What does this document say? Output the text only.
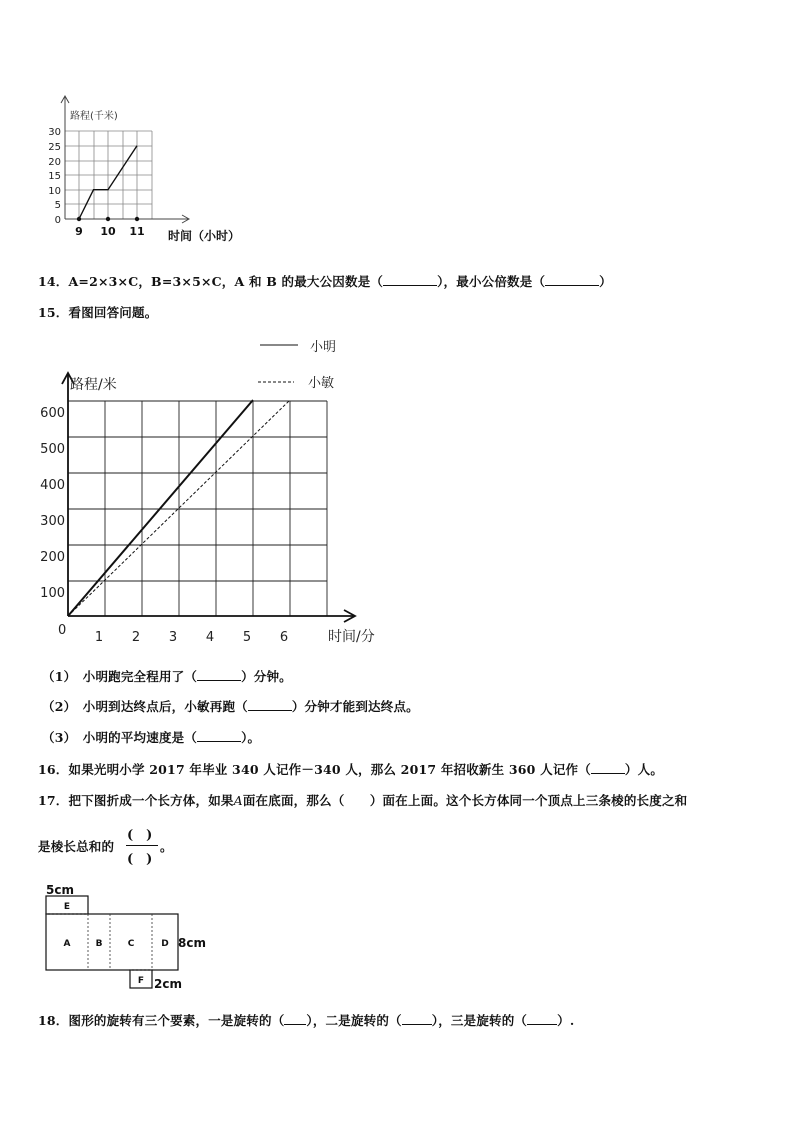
路程(千米)
30
25
20
15
10
5
0
9 10 11 时间（小时）
14．A=2×3×C，B=3×5×C，A 和 B 的最大公因数是（	），最小公倍数是（	）
15．看图回答问题。
小明
小敏
路程/米
600
500
400
300
200
100
0 1 2 3 4 5 6	时间/分
（1）　小明跑完全程用了（	）分钟。
（2）　小明到达终点后，小敏再跑（	）分钟才能到达终点。
（3）　小明的平均速度是（	）。
16．如果光明小学 2017 年毕业 340 人记作－340 人，那么 2017 年招收新生 360 人记作（	）人。
17．把下图折成一个长方体，如果A面在底面，那么（　　）面在上面。这个长方体同一个顶点上三条棱的长度之和
是棱长总和的
(　)
(　)
。
5cm
E
A	B	C	D
F
8cm
2cm
18．图形的旋转有三个要素，一是旋转的（ ），二是旋转的（ ），三是旋转的（ ）.
